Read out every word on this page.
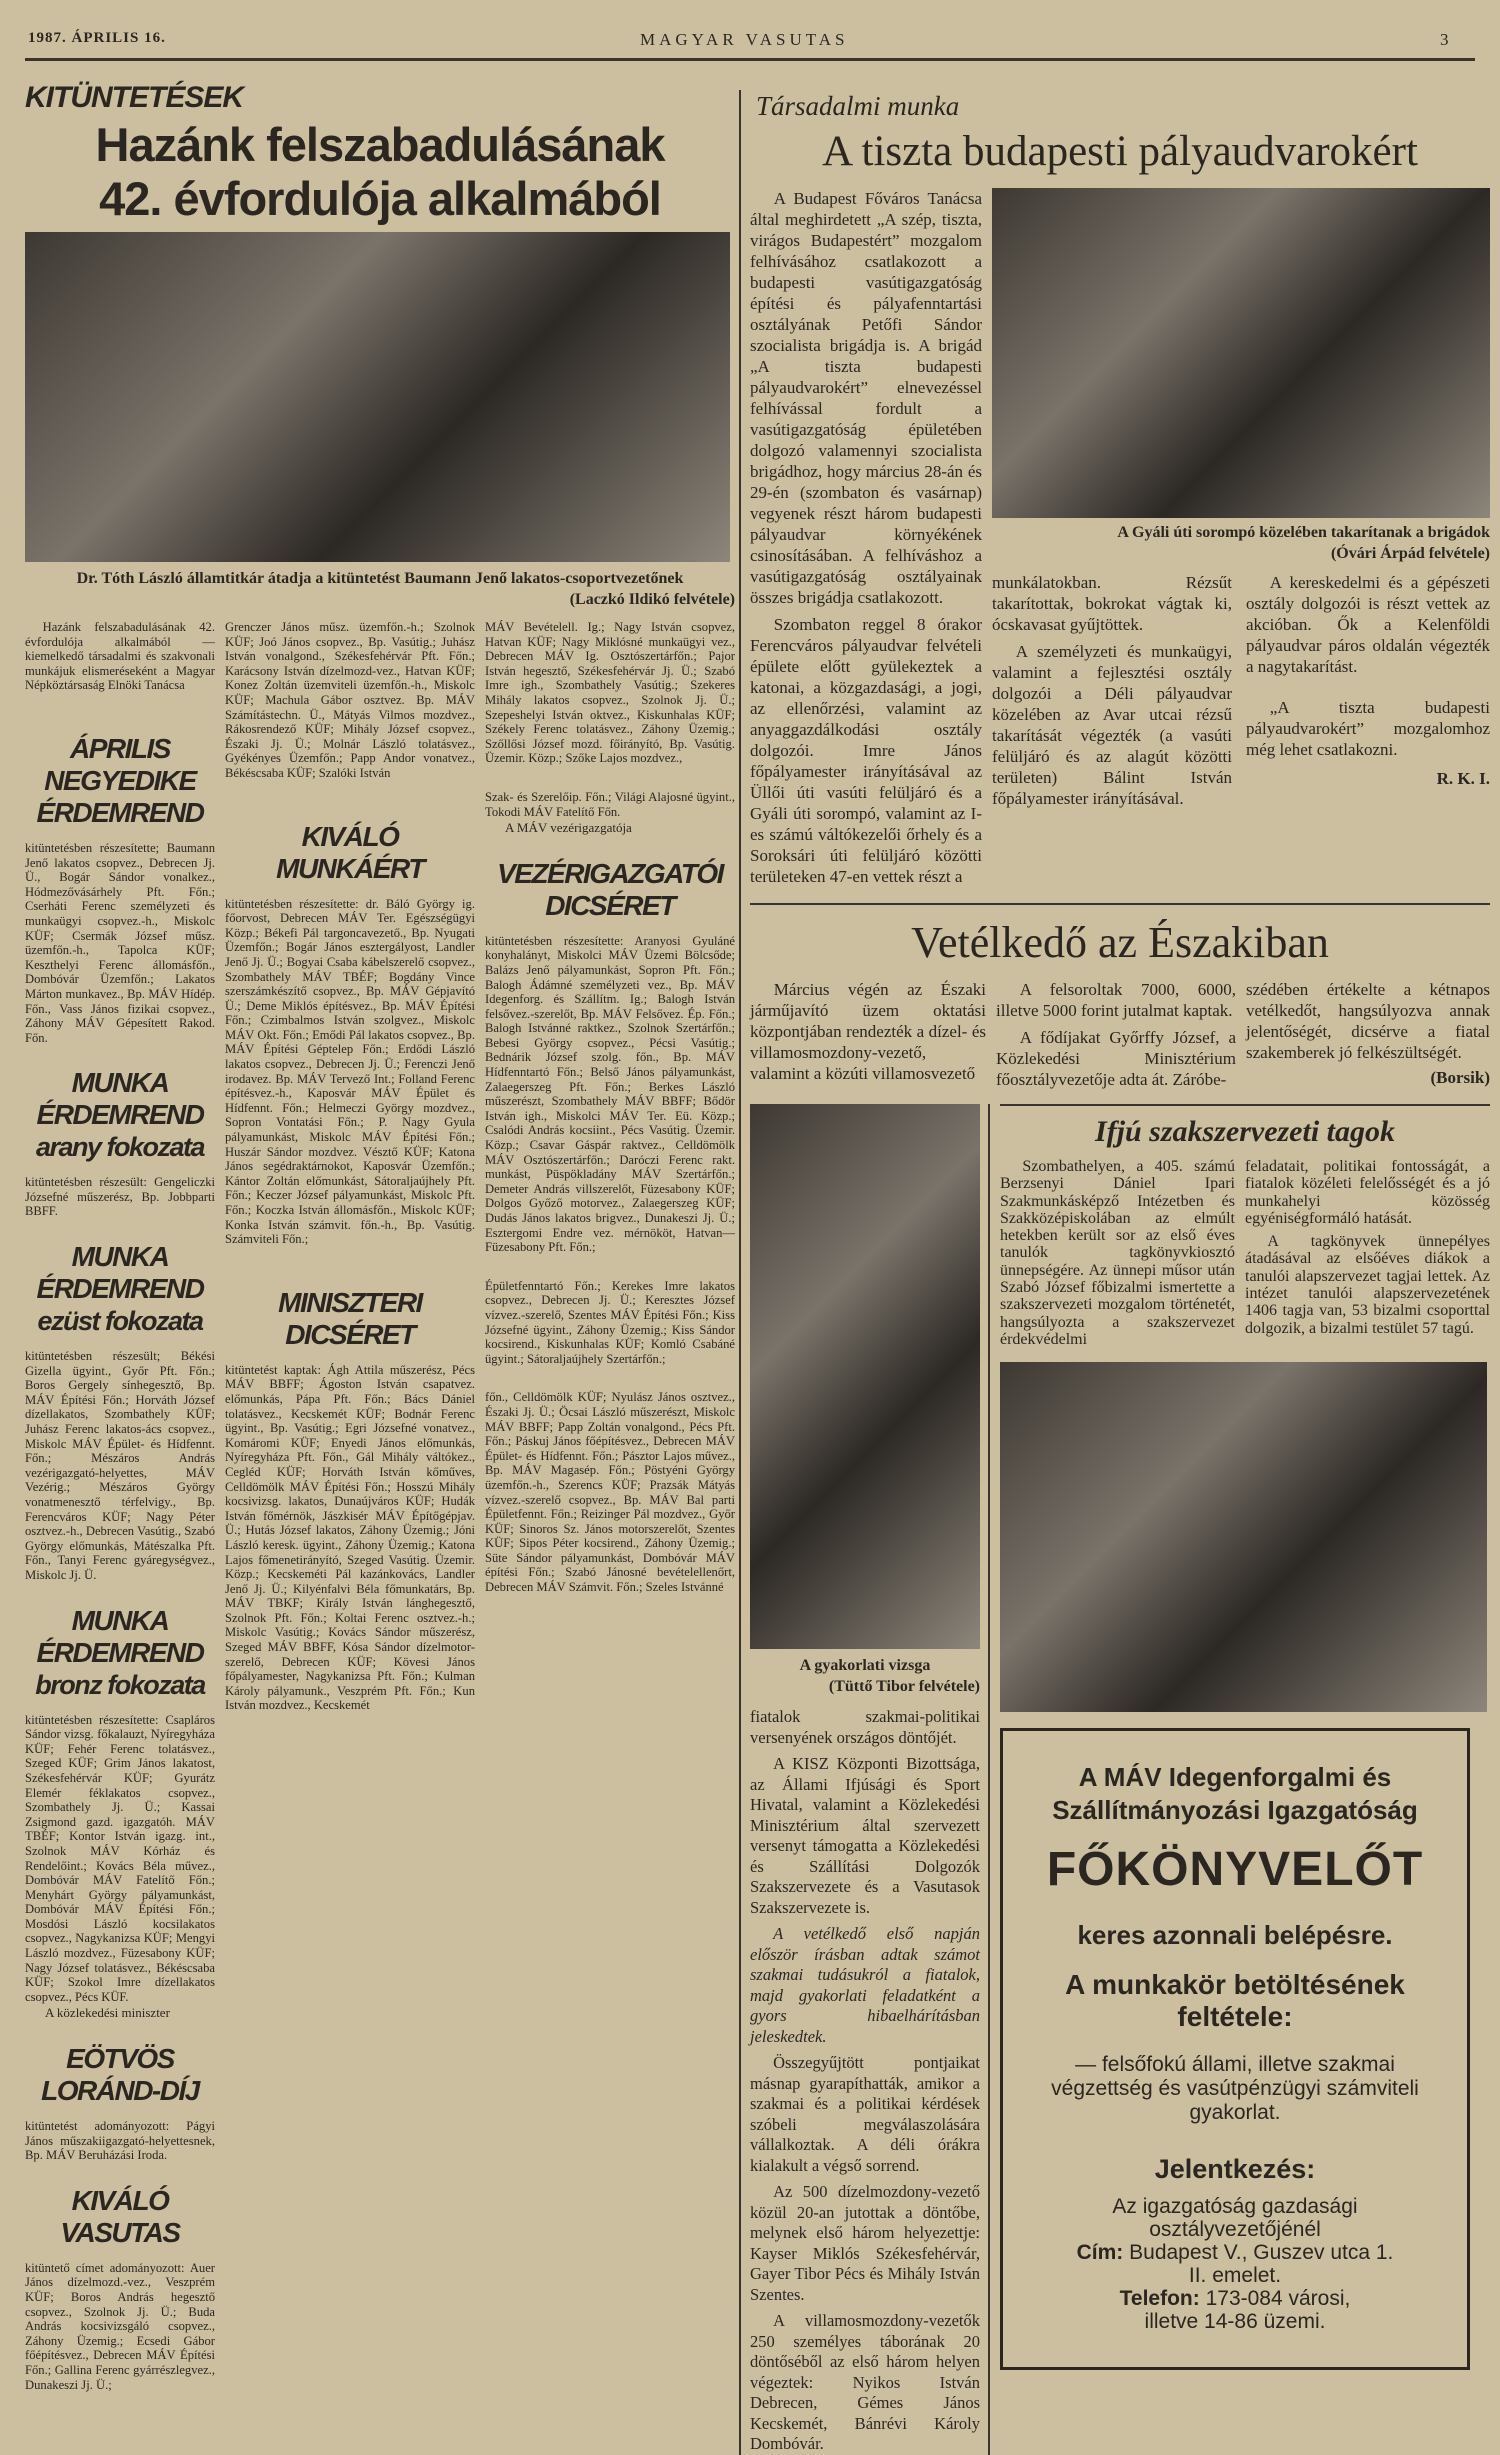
1987. ÁPRILIS 16.	MAGYAR VASUTAS	3
KITÜNTETÉSEK
Hazánk felszabadulásának
42. évfordulója alkalmából
Dr. Tóth László államtitkár átadja a kitüntetést Baumann Jenő lakatos-csoportvezetőnek
(Laczkó Ildikó felvétele)
Hazánk felszabadulásának 42. évfordulója alkalmából — kiemelkedő társadalmi és szakvonali munkájuk elismeréseként a Magyar Népköztársaság Elnöki Tanácsa
ÁPRILIS
NEGYEDIKE
ÉRDEMREND
kitüntetésben részesítette; Baumann Jenő lakatos csopvez., Debrecen Jj. Ü., Bogár Sándor vonalkez., Hódmezővásárhely Pft. Főn.; Cserháti Ferenc személyzeti és munkaügyi csopvez.-h., Miskolc KÜF; Csermák József műsz. üzemfőn.-h., Tapolca KÜF; Keszthelyi Ferenc állomásfőn., Dombóvár Üzemfőn.; Lakatos Márton munkavez., Bp. MÁV Hídép. Főn., Vass János fizikai csopvez., Záhony MÁV Gépesített Rakod. Főn.
MUNKA
ÉRDEMREND
arany fokozata
kitüntetésben részesült: Gengeliczki Józsefné műszerész, Bp. Jobbparti BBFF.
MUNKA
ÉRDEMREND
ezüst fokozata
kitüntetésben részesült; Békési Gizella ügyint., Győr Pft. Főn.; Boros Gergely sínhegesztő, Bp. MÁV Építési Főn.; Horváth József dízellakatos, Szombathely KÜF; Juhász Ferenc lakatos-ács csopvez., Miskolc MÁV Épület- és Hídfennt. Főn.; Mészáros András vezérigazgató-helyettes, MÁV Vezérig.; Mészáros György vonatmenesztő térfelvigy., Bp. Ferencváros KÜF; Nagy Péter osztvez.-h., Debrecen Vasútig., Szabó György előmunkás, Mátészalka Pft. Főn., Tanyi Ferenc gyáregységvez., Miskolc Jj. Ü.
MUNKA
ÉRDEMREND
bronz fokozata
kitüntetésben részesítette: Csapláros Sándor vizsg. főkalauzt, Nyíregyháza KÜF; Fehér Ferenc tolatásvez., Szeged KÜF; Grim János lakatost, Székesfehérvár KÜF; Gyurátz Elemér féklakatos csopvez., Szombathely Jj. Ü.; Kassai Zsigmond gazd. igazgatóh. MÁV TBÉF; Kontor István igazg. int., Szolnok MÁV Kórház és Rendelőint.; Kovács Béla művez., Dombóvár MÁV Fatelítő Főn.; Menyhárt György pályamunkást, Dombóvár MÁV Építési Főn.; Mosdósi László kocsilakatos csopvez., Nagykanizsa KÜF; Mengyi László mozdvez., Füzesabony KÜF; Nagy József tolatásvez., Békéscsaba KÜF; Szokol Imre dízellakatos csopvez., Pécs KÜF.
A közlekedési miniszter
EÖTVÖS
LORÁND-DÍJ
kitüntetést adományozott: Págyi János műszakiigazgató-helyettesnek, Bp. MÁV Beruházási Iroda.
KIVÁLÓ VASUTAS
kitüntető címet adományozott: Auer János dízelmozd.-vez., Veszprém KÜF; Boros András hegesztő csopvez., Szolnok Jj. Ü.; Buda András kocsivizsgáló csopvez., Záhony Üzemig.; Ecsedi Gábor főépítésvez., Debrecen MÁV Építési Főn.; Gallina Ferenc gyárrészlegvez., Dunakeszi Jj. Ü.;
Grenczer János műsz. üzemfőn.-h.; Szolnok KÜF; Joó János csopvez., Bp. Vasútig.; Juhász István vonalgond., Székesfehérvár Pft. Főn.; Karácsony István dízelmozd-vez., Hatvan KÜF; Konez Zoltán üzemviteli üzemfőn.-h., Miskolc KÜF; Machula Gábor osztvez. Bp. MÁV Számítástechn. Ü., Mátyás Vilmos mozdvez., Rákosrendező KÜF; Mihály József csopvez., Északi Jj. Ü.; Molnár László tolatásvez., Gyékényes Üzemfőn.; Papp Andor vonatvez., Békéscsaba KÜF; Szalóki István
KIVÁLÓ
MUNKÁÉRT
kitüntetésben részesítette: dr. Báló György ig. főorvost, Debrecen MÁV Ter. Egészségügyi Közp.; Békefi Pál targoncavezető., Bp. Nyugati Üzemfőn.; Bogár János esztergályost, Landler Jenő Jj. Ü.; Bogyai Csaba kábelszerelő csopvez., Szombathely MÁV TBÉF; Bogdány Vince szerszámkészítő csopvez., Bp. MÁV Gépjavító Ü.; Deme Miklós építésvez., Bp. MÁV Építési Főn.; Czimbalmos István szolgvez., Miskolc MÁV Okt. Főn.; Emődi Pál lakatos csopvez., Bp. MÁV Építési Géptelep Főn.; Erdődi László lakatos csopvez., Debrecen Jj. Ü.; Ferenczi Jenő irodavez. Bp. MÁV Tervező Int.; Folland Ferenc építésvez.-h., Kaposvár MÁV Épület és Hídfennt. Főn.; Helmeczi György mozdvez., Sopron Vontatási Főn.; P. Nagy Gyula pályamunkást, Miskolc MÁV Építési Főn.; Huszár Sándor mozdvez. Vésztő KÜF; Katona János segédraktárnokot, Kaposvár Üzemfőn.; Kántor Zoltán előmunkást, Sátoraljaújhely Pft. Főn.; Keczer József pályamunkást, Miskolc Pft. Főn.; Koczka István állomásfőn., Miskolc KÜF; Konka István számvit. főn.-h., Bp. Vasútig. Számviteli Főn.;
MINISZTERI
DICSÉRET
kitüntetést kaptak: Ágh Attila műszerész, Pécs MÁV BBFF; Ágoston István csapatvez. előmunkás, Pápa Pft. Főn.; Bács Dániel tolatásvez., Kecskemét KÜF; Bodnár Ferenc ügyint., Bp. Vasútig.; Egri Józsefné vonatvez., Komáromi KÜF; Enyedi János előmunkás, Nyíregyháza Pft. Főn., Gál Mihály váltókez., Cegléd KÜF; Horváth István kőműves, Celldömölk MÁV Építési Főn.; Hosszú Mihály kocsivizsg. lakatos, Dunaújváros KÜF; Hudák István főmérnök, Jászkisér MÁV Építőgépjav. Ü.; Hutás József lakatos, Záhony Üzemig.; Jóni László keresk. ügyint., Záhony Üzemig.; Katona Lajos főmenetirányító, Szeged Vasútig. Üzemir. Közp.; Kecskeméti Pál kazánkovács, Landler Jenő Jj. Ü.; Kilyénfalvi Béla főmunkatárs, Bp. MÁV TBKF; Király István lánghegesztő, Szolnok Pft. Főn.; Koltai Ferenc osztvez.-h.; Miskolc Vasútig.; Kovács Sándor műszerész, Szeged MÁV BBFF, Kósa Sándor dízelmotor-szerelő, Debrecen KÜF; Kövesi János főpályamester, Nagykanizsa Pft. Főn.; Kulman Károly pályamunk., Veszprém Pft. Főn.; Kun István mozdvez., Kecskemét
MÁV Bevételell. Ig.; Nagy István csopvez, Hatvan KÜF; Nagy Miklósné munkaügyi vez., Debrecen MÁV Ig. Osztószertárfőn.; Pajor István hegesztő, Székesfehérvár Jj. Ü.; Szabó Imre igh., Szombathely Vasútig.; Szekeres Mihály lakatos csopvez., Szolnok Jj. Ü.; Szepeshelyi István oktvez., Kiskunhalas KÜF; Székely Ferenc tolatásvez., Záhony Üzemig.; Szőllősi József mozd. főirányító, Bp. Vasútig. Üzemir. Közp.; Szőke Lajos mozdvez.,
Szak- és Szerelőip. Főn.; Világi Alajosné ügyint., Tokodi MÁV Fatelítő Főn.
A MÁV vezérigazgatója
VEZÉRIGAZGATÓI
DICSÉRET
kitüntetésben részesítette: Aranyosi Gyuláné konyhalányt, Miskolci MÁV Üzemi Bölcsőde; Balázs Jenő pályamunkást, Sopron Pft. Főn.; Balogh Ádámné személyzeti vez., Bp. MÁV Idegenforg. és Szállítm. Ig.; Balogh István felsővez.-szerelőt, Bp. MÁV Felsővez. Ép. Főn.; Balogh Istvánné raktkez., Szolnok Szertárfőn.; Bebesi György csopvez., Pécsi Vasútig.; Bednárik József szolg. főn., Bp. MÁV Hídfenntartó Főn.; Belső János pályamunkást, Zalaegerszeg Pft. Főn.; Berkes László műszerészt, Szombathely MÁV BBFF; Bődör István igh., Miskolci MÁV Ter. Eü. Közp.; Csalódi András kocsiint., Pécs Vasútig. Üzemir. Közp.; Csavar Gáspár raktvez., Celldömölk MÁV Osztószertárfőn.; Daróczi Ferenc rakt. munkást, Püspökladány MÁV Szertárfőn.; Demeter András villszerelőt, Füzesabony KÜF; Dolgos Győző motorvez., Zalaegerszeg KÜF; Dudás János lakatos brigvez., Dunakeszi Jj. Ü.; Esztergomi Endre vez. mérnököt, Hatvan—Füzesabony Pft. Főn.;
Épületfenntartó Főn.; Kerekes Imre lakatos csopvez., Debrecen Jj. Ü.; Keresztes József vízvez.-szerelő, Szentes MÁV Építési Főn.; Kiss Józsefné ügyint., Záhony Üzemig.; Kiss Sándor kocsirend., Kiskunhalas KÜF; Komló Csabáné ügyint.; Sátoraljaújhely Szertárfőn.;
főn., Celldömölk KÜF; Nyulász János osztvez., Északi Jj. Ü.; Öcsai László műszerészt, Miskolc MÁV BBFF; Papp Zoltán vonalgond., Pécs Pft. Főn.; Páskuj János főépítésvez., Debrecen MÁV Épület- és Hídfennt. Főn.; Pásztor Lajos művez., Bp. MÁV Magasép. Főn.; Pöstyéni György üzemfőn.-h., Szerencs KÜF; Prazsák Mátyás vízvez.-szerelő csopvez., Bp. MÁV Bal parti Épületfennt. Főn.; Reizinger Pál mozdvez., Győr KÜF; Sinoros Sz. János motorszerelőt, Szentes KÜF; Sipos Péter kocsirend., Záhony Üzemig.; Süte Sándor pályamunkást, Dombóvár MÁV építési Főn.; Szabó Jánosné bevételellenőrt, Debrecen MÁV Számvit. Főn.; Szeles Istvánné
Társadalmi munka
A tiszta budapesti pályaudvarokért
A Budapest Főváros Tanácsa által meghirdetett „A szép, tiszta, virágos Budapestért” mozgalom felhívásához csatlakozott a budapesti vasútigazgatóság építési és pályafenntartási osztályának Petőfi Sándor szocialista brigádja is. A brigád „A tiszta budapesti pályaudvarokért” elnevezéssel felhívással fordult a vasútigazgatóság épületében dolgozó valamennyi szocialista brigádhoz, hogy március 28-án és 29-én (szombaton és vasárnap) vegyenek részt három budapesti pályaudvar környékének csinosításában. A felhíváshoz a vasútigazgatóság osztályainak összes brigádja csatlakozott.
Szombaton reggel 8 órakor Ferencváros pályaudvar felvételi épülete előtt gyülekeztek a katonai, a közgazdasági, a jogi, az ellenőrzési, valamint az anyaggazdálkodási osztály dolgozói. Imre János főpályamester irányításával az Üllői úti vasúti felüljáró és a Gyáli úti sorompó, valamint az I-es számú váltókezelői őrhely és a Soroksári úti felüljáró közötti területeken 47-en vettek részt a
A Gyáli úti sorompó közelében takarítanak a brigádok
(Óvári Árpád felvétele)
munkálatokban. Rézsűt takarítottak, bokrokat vágtak ki, ócskavasat gyűjtöttek.
A személyzeti és munkaügyi, valamint a fejlesztési osztály dolgozói a Déli pályaudvar közelében az Avar utcai rézsű takarítását végezték (a vasúti felüljáró és az alagút közötti területen) Bálint István főpályamester irányításával.
A kereskedelmi és a gépészeti osztály dolgozói is részt vettek az akcióban. Ők a Kelenföldi pályaudvar páros oldalán végezték a nagytakarítást.
„A tiszta budapesti pályaudvarokért” mozgalomhoz még lehet csatlakozni.
R. K. I.
Vetélkedő az Északiban
Március végén az Északi járműjavító üzem oktatási központjában rendezték a dízel- és villamosmozdony-vezető, valamint a közúti villamosvezető
A felsoroltak 7000, 6000, illetve 5000 forint jutalmat kaptak.
A fődíjakat Győrffy József, a Közlekedési Minisztérium főosztályvezetője adta át. Záróbe-
szédében értékelte a kétnapos vetélkedőt, hangsúlyozva annak jelentőségét, dicsérve a fiatal szakemberek jó felkészültségét.
(Borsik)
A gyakorlati vizsga
(Tüttő Tibor felvétele)
fiatalok szakmai-politikai versenyének országos döntőjét.
A KISZ Központi Bizottsága, az Állami Ifjúsági és Sport Hivatal, valamint a Közlekedési Minisztérium által szervezett versenyt támogatta a Közlekedési és Szállítási Dolgozók Szakszervezete és a Vasutasok Szakszervezete is.
A vetélkedő első napján először írásban adtak számot szakmai tudásukról a fiatalok, majd gyakorlati feladatként a gyors hibaelhárításban jeleskedtek.
Összegyűjtött pontjaikat másnap gyarapíthatták, amikor a szakmai és a politikai kérdések szóbeli megválaszolására vállalkoztak. A déli órákra kialakult a végső sorrend.
Az 500 dízelmozdony-vezető közül 20-an jutottak a döntőbe, melynek első három helyezettje: Kayser Miklós Székesfehérvár, Gayer Tibor Pécs és Mihály István Szentes.
A villamosmozdony-vezetők 250 személyes táborának 20 döntőséből az első három helyen végeztek: Nyikos István Debrecen, Gémes János Kecskemét, Bánrévi Károly Dombóvár.
Ifjú szakszervezeti tagok
Szombathelyen, a 405. számú Berzsenyi Dániel Ipari Szakmunkásképző Intézetben és Szakközépiskolában az elmúlt hetekben került sor az első éves tanulók tagkönyvkiosztó ünnepségére. Az ünnepi műsor után Szabó József főbizalmi ismertette a szakszervezeti mozgalom történetét, hangsúlyozta a szakszervezet érdekvédelmi
feladatait, politikai fontosságát, a fiatalok közéleti felelősségét és a jó munkahelyi közösség egyéniségformáló hatását.
A tagkönyvek ünnepélyes átadásával az elsőéves diákok a tanulói alapszervezet tagjai lettek. Az intézet tanulói alapszervezetének 1406 tagja van, 53 bizalmi csoporttal dolgozik, a bizalmi testület 57 tagú.
A MÁV Idegenforgalmi és
Szállítmányozási Igazgatóság
FŐKÖNYVELŐT
keres azonnali belépésre.
A munkakör betöltésének
feltétele:
— felsőfokú állami, illetve szakmai végzettség és vasútpénzügyi számviteli gyakorlat.
Jelentkezés:
Az igazgatóság gazdasági
osztályvezetőjénél
Cím: Budapest V., Guszev utca 1.
II. emelet.
Telefon: 173-084 városi,
illetve 14-86 üzemi.
